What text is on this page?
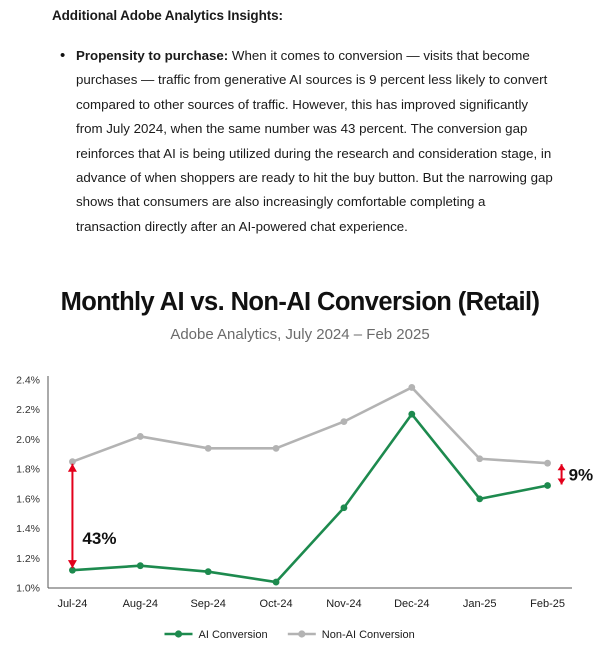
Additional Adobe Analytics Insights:
• Propensity to purchase: When it comes to conversion — visits that become purchases — traffic from generative AI sources is 9 percent less likely to convert compared to other sources of traffic. However, this has improved significantly from July 2024, when the same number was 43 percent. The conversion gap reinforces that AI is being utilized during the research and consideration stage, in advance of when shoppers are ready to hit the buy button. But the narrowing gap shows that consumers are also increasingly comfortable completing a transaction directly after an AI-powered chat experience.
Monthly AI vs. Non-AI Conversion (Retail)
Adobe Analytics, July 2024 – Feb 2025
1.0%
1.2%
1.4%
1.6%
1.8%
2.0%
2.2%
2.4%
Jul-24	Aug-24	Sep-24	Oct-24	Nov-24	Dec-24	Jan-25	Feb-25
43%
9%
AI Conversion	Non-AI Conversion
